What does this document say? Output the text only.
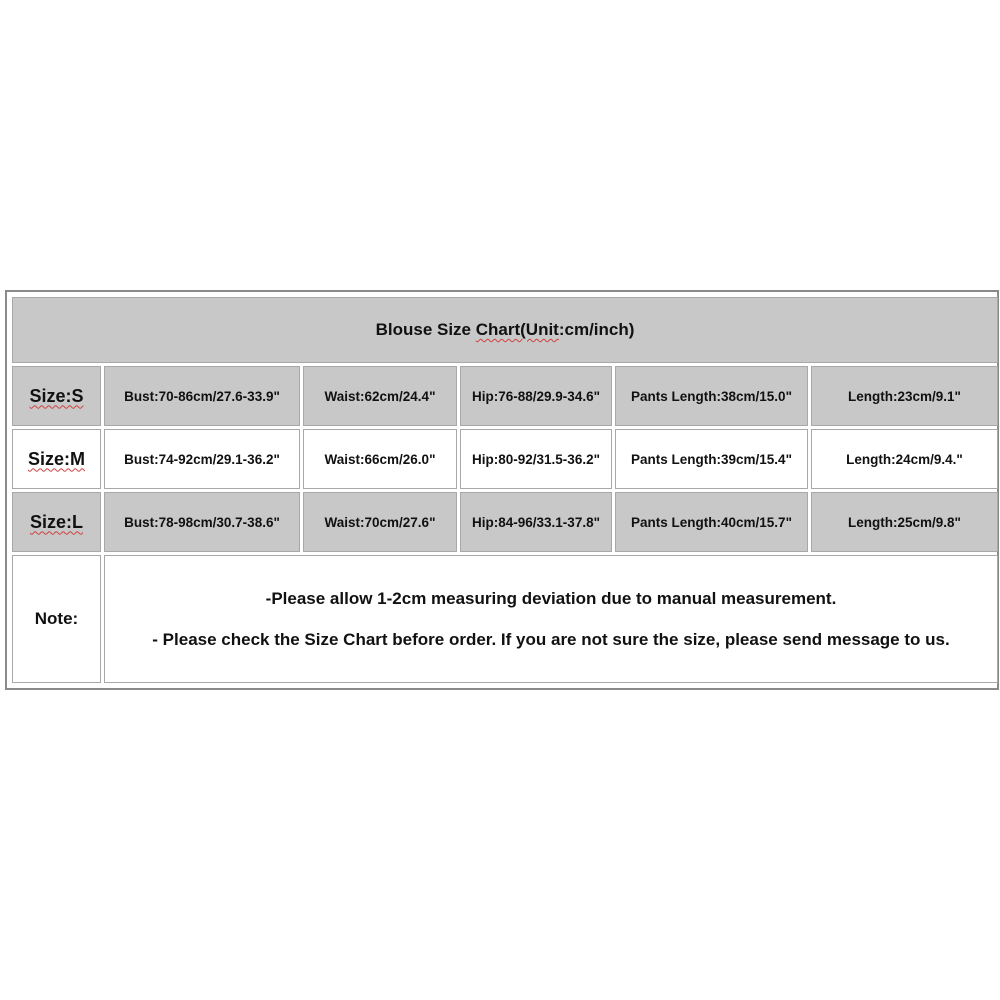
Blouse Size Chart(Unit:cm/inch)					
Size:S	Bust:70-86cm/27.6-33.9"	Waist:62cm/24.4"	Hip:76-88/29.9-34.6"	Pants Length:38cm/15.0"	Length:23cm/9.1"
Size:M	Bust:74-92cm/29.1-36.2"	Waist:66cm/26.0"	Hip:80-92/31.5-36.2"	Pants Length:39cm/15.4"	Length:24cm/9.4."
Size:L	Bust:78-98cm/30.7-38.6"	Waist:70cm/27.6"	Hip:84-96/33.1-37.8"	Pants Length:40cm/15.7"	Length:25cm/9.8"
Note:	-Please allow 1-2cm measuring deviation due to manual measurement.
- Please check the Size Chart before order. If you are not sure the size, please send message to us.				
